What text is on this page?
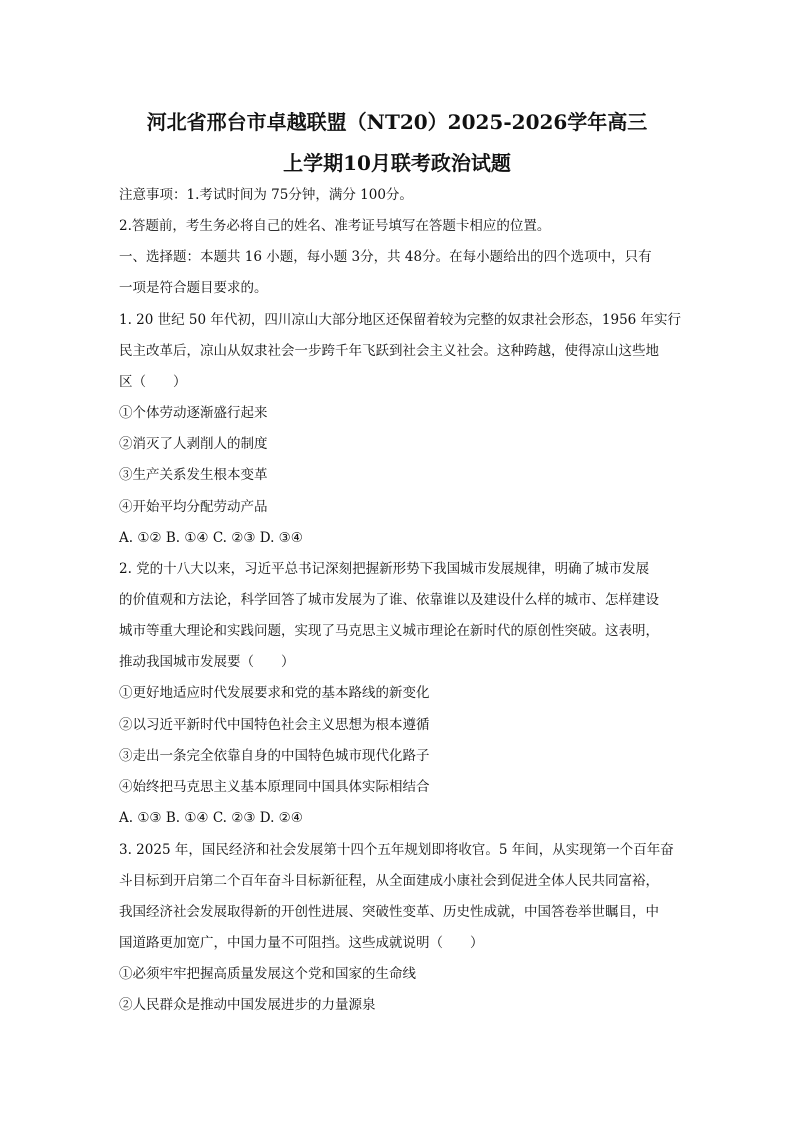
河北省邢台市卓越联盟（NT20）2025-2026学年高三
上学期10月联考政治试题
注意事项：1.考试时间为 75分钟，满分 100分。
2.答题前，考生务必将自己的姓名、准考证号填写在答题卡相应的位置。
一、选择题：本题共 16 小题，每小题 3分，共 48分。在每小题给出的四个选项中，只有
一项是符合题目要求的。
1. 20 世纪 50 年代初，四川凉山大部分地区还保留着较为完整的奴隶社会形态，1956 年实行
民主改革后，凉山从奴隶社会一步跨千年飞跃到社会主义社会。这种跨越，使得凉山这些地
区（　　）
①个体劳动逐渐盛行起来
②消灭了人剥削人的制度
③生产关系发生根本变革
④开始平均分配劳动产品
A. ①② B. ①④ C. ②③ D. ③④
2. 党的十八大以来，习近平总书记深刻把握新形势下我国城市发展规律，明确了城市发展
的价值观和方法论，科学回答了城市发展为了谁、依靠谁以及建设什么样的城市、怎样建设
城市等重大理论和实践问题，实现了马克思主义城市理论在新时代的原创性突破。这表明，
推动我国城市发展要（　　）
①更好地适应时代发展要求和党的基本路线的新变化
②以习近平新时代中国特色社会主义思想为根本遵循
③走出一条完全依靠自身的中国特色城市现代化路子
④始终把马克思主义基本原理同中国具体实际相结合
A. ①③ B. ①④ C. ②③ D. ②④
3. 2025 年，国民经济和社会发展第十四个五年规划即将收官。5 年间，从实现第一个百年奋
斗目标到开启第二个百年奋斗目标新征程，从全面建成小康社会到促进全体人民共同富裕，
我国经济社会发展取得新的开创性进展、突破性变革、历史性成就，中国答卷举世瞩目，中
国道路更加宽广，中国力量不可阻挡。这些成就说明（　　）
①必须牢牢把握高质量发展这个党和国家的生命线
②人民群众是推动中国发展进步的力量源泉
